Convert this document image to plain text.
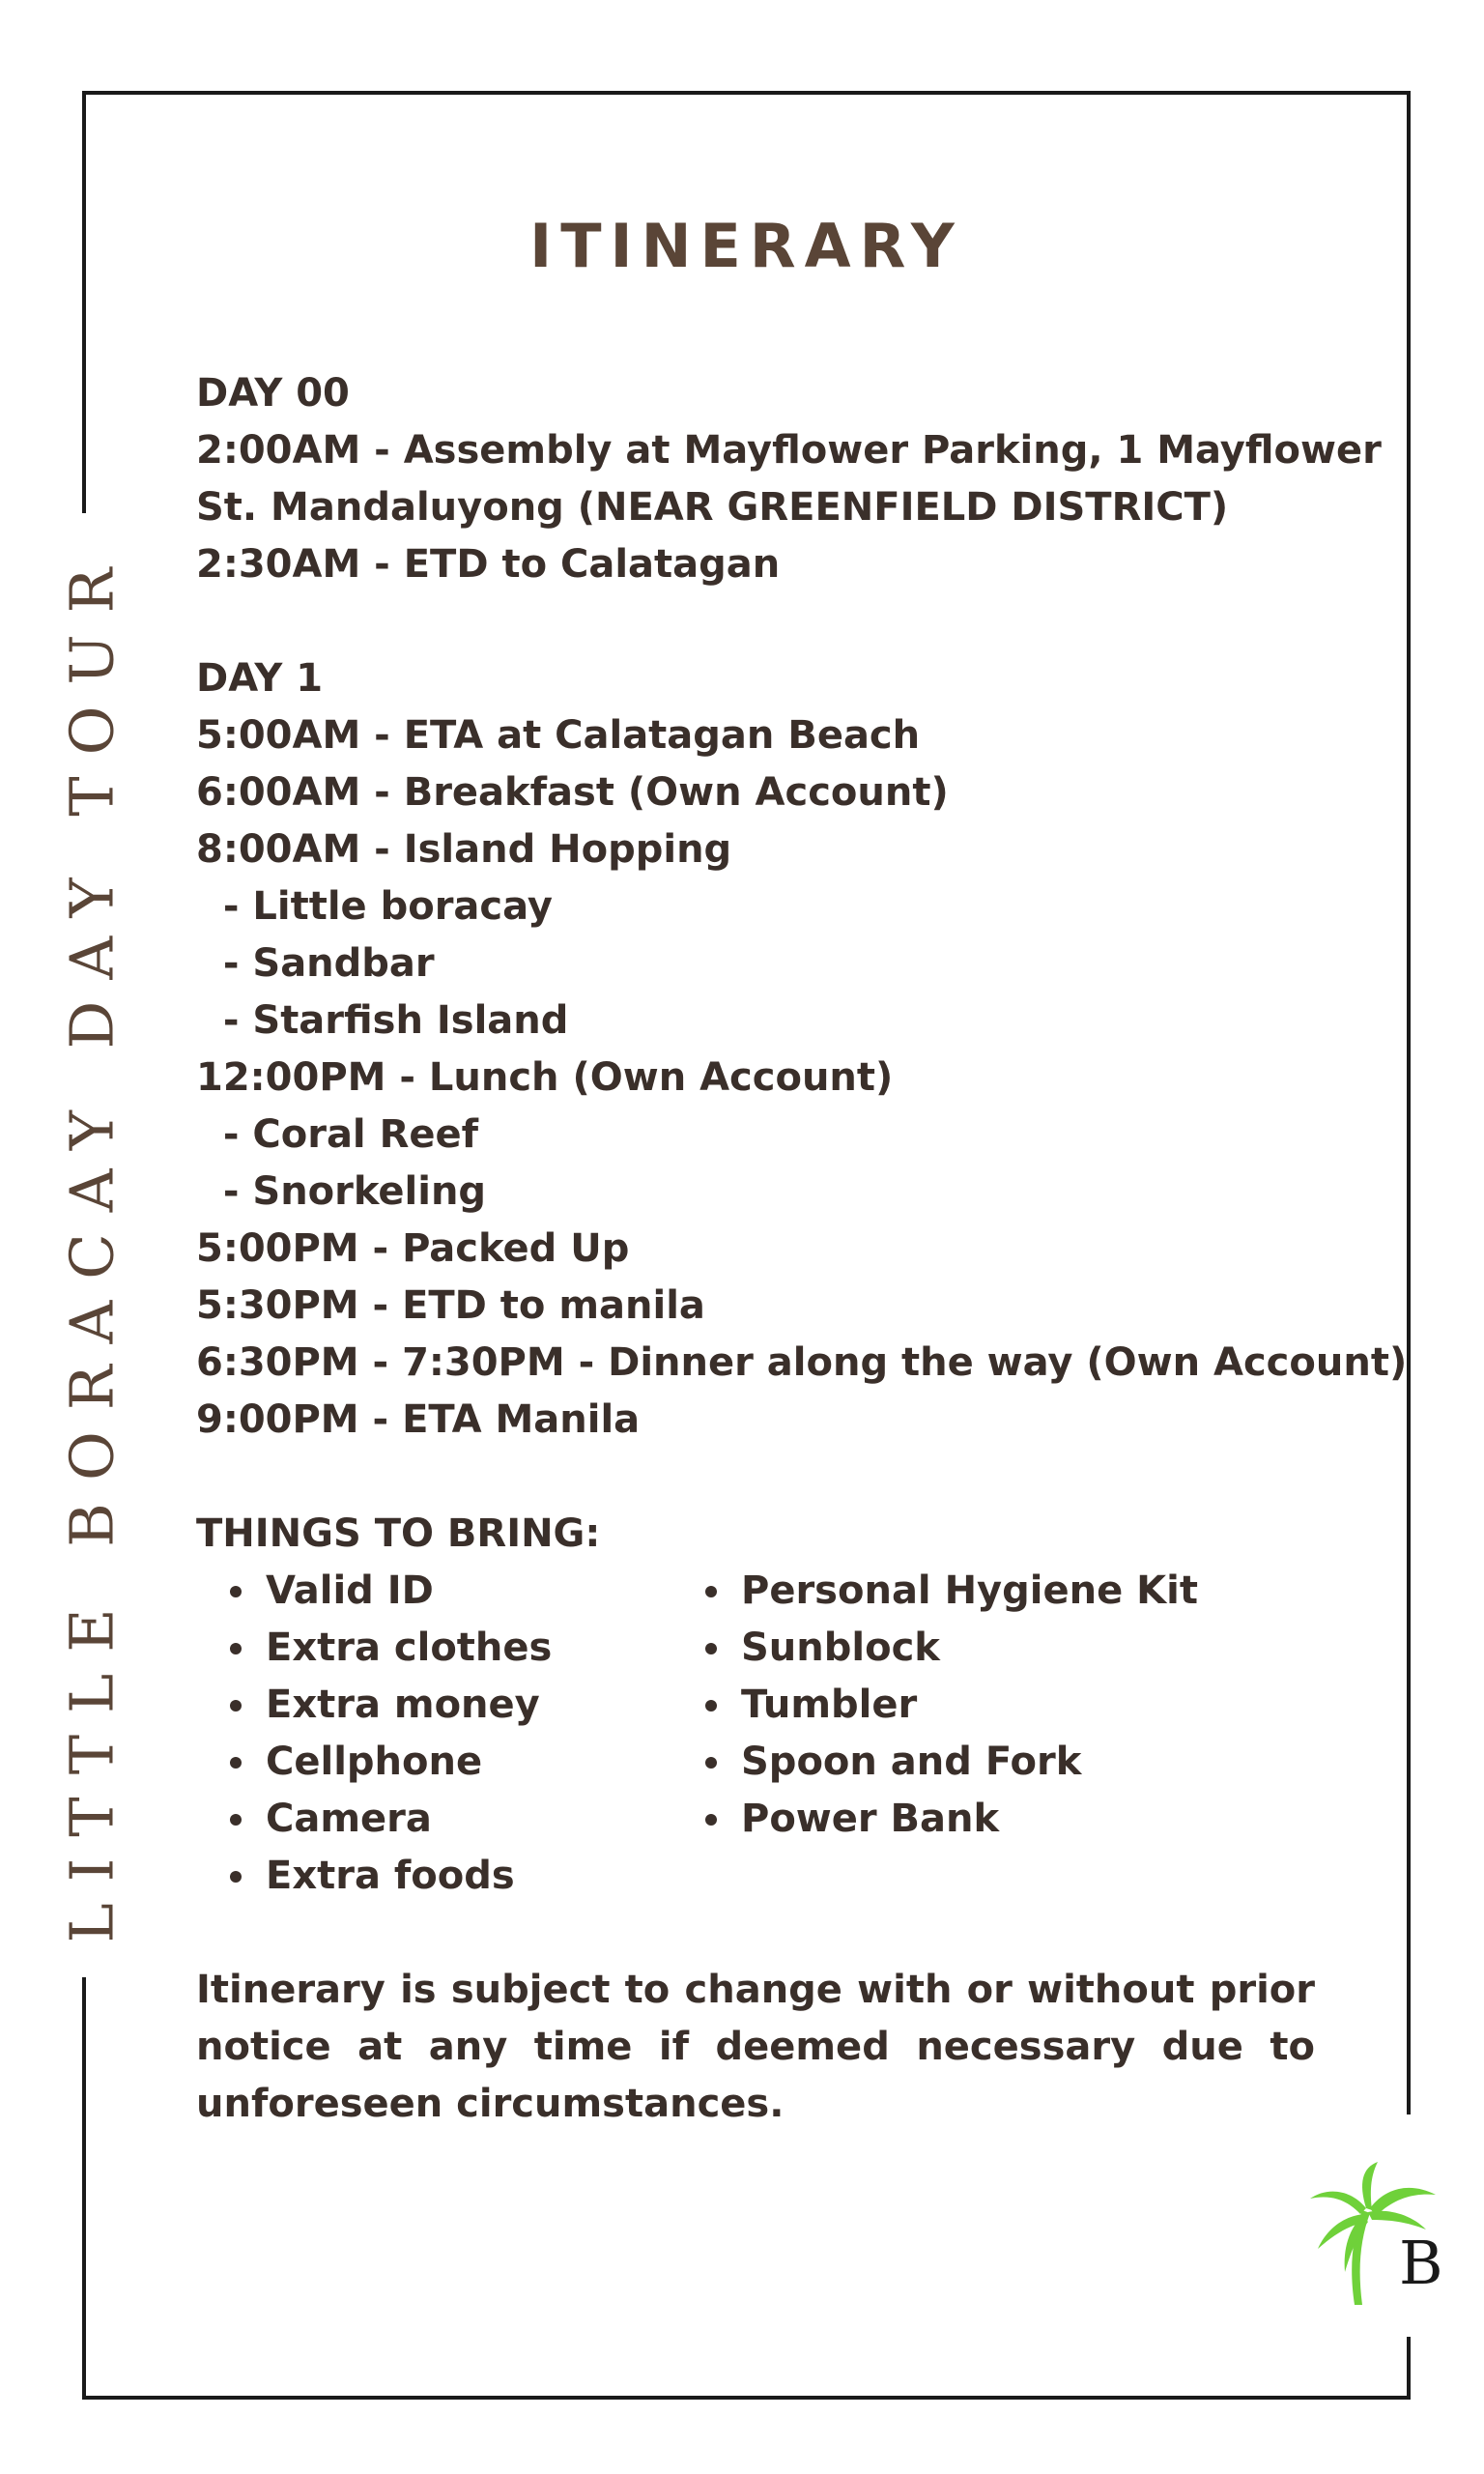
LITTLE BORACAY DAY TOUR
ITINERARY
DAY 00
2:00AM - Assembly at Mayflower Parking, 1 Mayflower
St. Mandaluyong (NEAR GREENFIELD DISTRICT)
2:30AM - ETD to Calatagan
DAY 1
5:00AM - ETA at Calatagan Beach
6:00AM - Breakfast (Own Account)
8:00AM - Island Hopping
- Little boracay
- Sandbar
- Starfish Island
12:00PM - Lunch (Own Account)
- Coral Reef
- Snorkeling
5:00PM - Packed Up
5:30PM - ETD to manila
6:30PM - 7:30PM - Dinner along the way (Own Account)
9:00PM - ETA Manila
THINGS TO BRING:
Valid ID
Extra clothes
Extra money
Cellphone
Camera
Extra foods
Personal Hygiene Kit
Sunblock
Tumbler
Spoon and Fork
Power Bank
Itinerary is subject to change with or without prior notice at any time if deemed necessary due to unforeseen circumstances.
B
